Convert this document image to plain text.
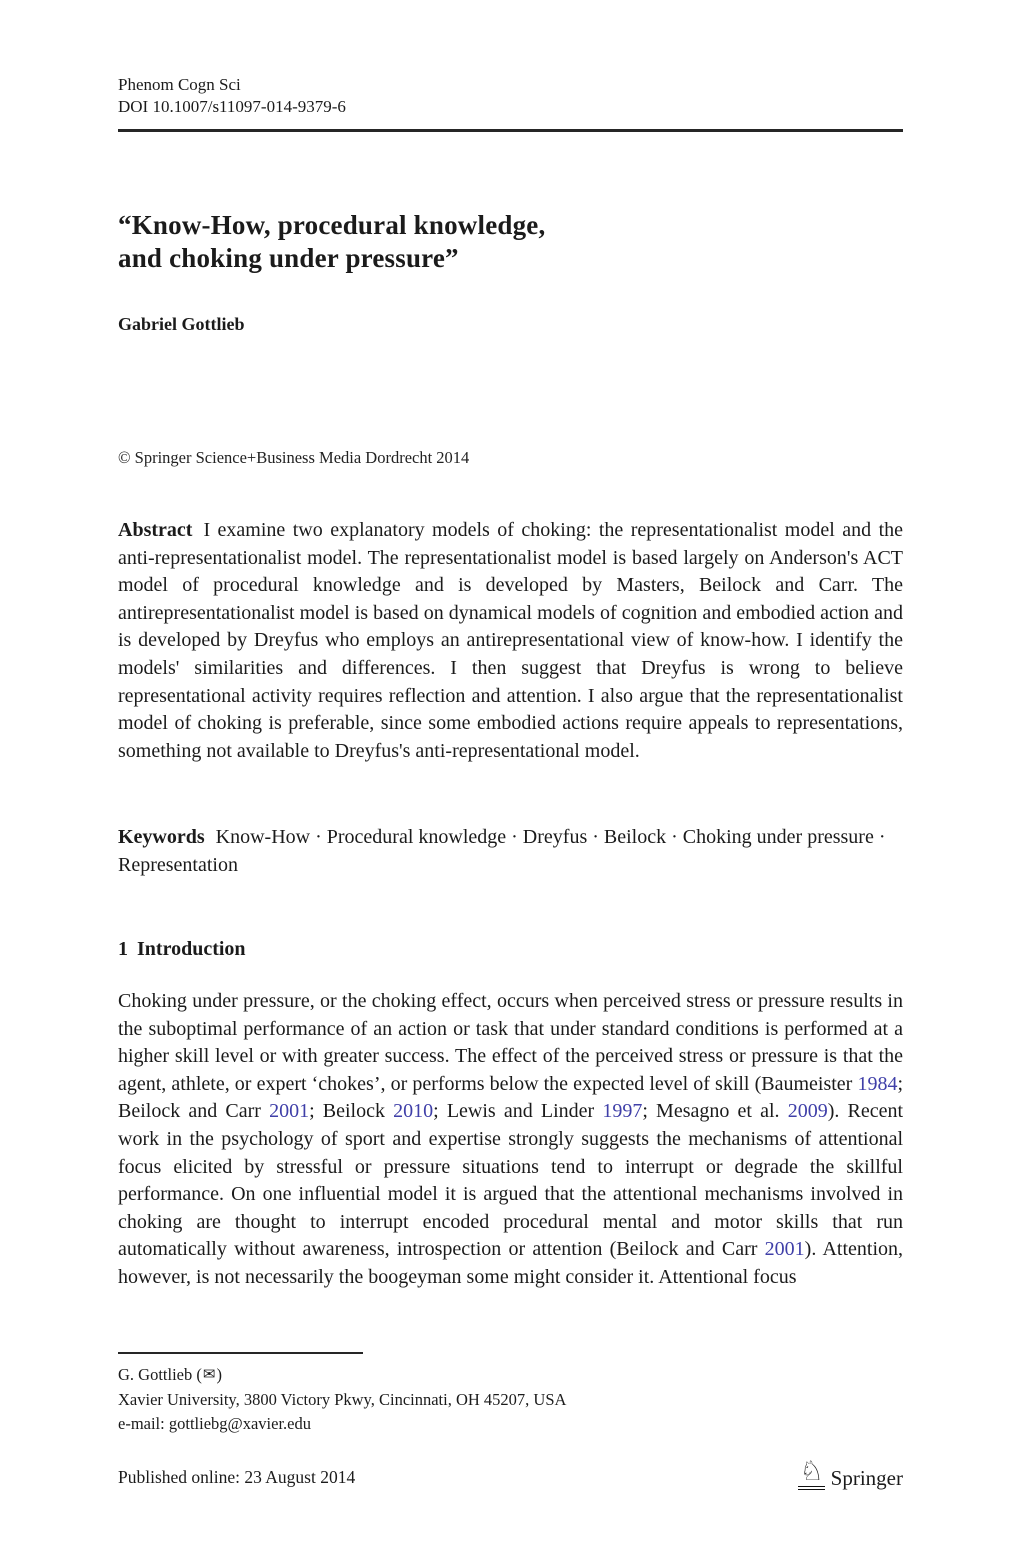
Phenom Cogn Sci
DOI 10.1007/s11097-014-9379-6
“Know-How, procedural knowledge,
and choking under pressure”
Gabriel Gottlieb
© Springer Science+Business Media Dordrecht 2014

Abstract I examine two explanatory models of choking: the representationalist model and the anti-representationalist model. The representationalist model is based largely on Anderson's ACT model of procedural knowledge and is developed by Masters, Beilock and Carr. The antirepresentationalist model is based on dynamical models of cognition and embodied action and is developed by Dreyfus who employs an antirepresentational view of know-how. I identify the models' similarities and differences. I then suggest that Dreyfus is wrong to believe representational activity requires reflection and attention. I also argue that the representationalist model of choking is preferable, since some embodied actions require appeals to representations, something not available to Dreyfus's anti-representational model.

Keywords Know-How · Procedural knowledge · Dreyfus · Beilock · Choking under pressure · Representation

1 Introduction

Choking under pressure, or the choking effect, occurs when perceived stress or pressure results in the suboptimal performance of an action or task that under standard conditions is performed at a higher skill level or with greater success. The effect of the perceived stress or pressure is that the agent, athlete, or expert ‘chokes’, or performs below the expected level of skill (Baumeister 1984; Beilock and Carr 2001; Beilock 2010; Lewis and Linder 1997; Mesagno et al. 2009). Recent work in the psychology of sport and expertise strongly suggests the mechanisms of attentional focus elicited by stressful or pressure situations tend to interrupt or degrade the skillful performance. On one influential model it is argued that the attentional mechanisms involved in choking are thought to interrupt encoded procedural mental and motor skills that run automatically without awareness, introspection or attention (Beilock and Carr 2001). Attention, however, is not necessarily the boogeyman some might consider it. Attentional focus

G. Gottlieb (✉)
Xavier University, 3800 Victory Pkwy, Cincinnati, OH 45207, USA
e-mail: gottliebg@xavier.edu
Published online: 23 August 2014	♘ Springer
